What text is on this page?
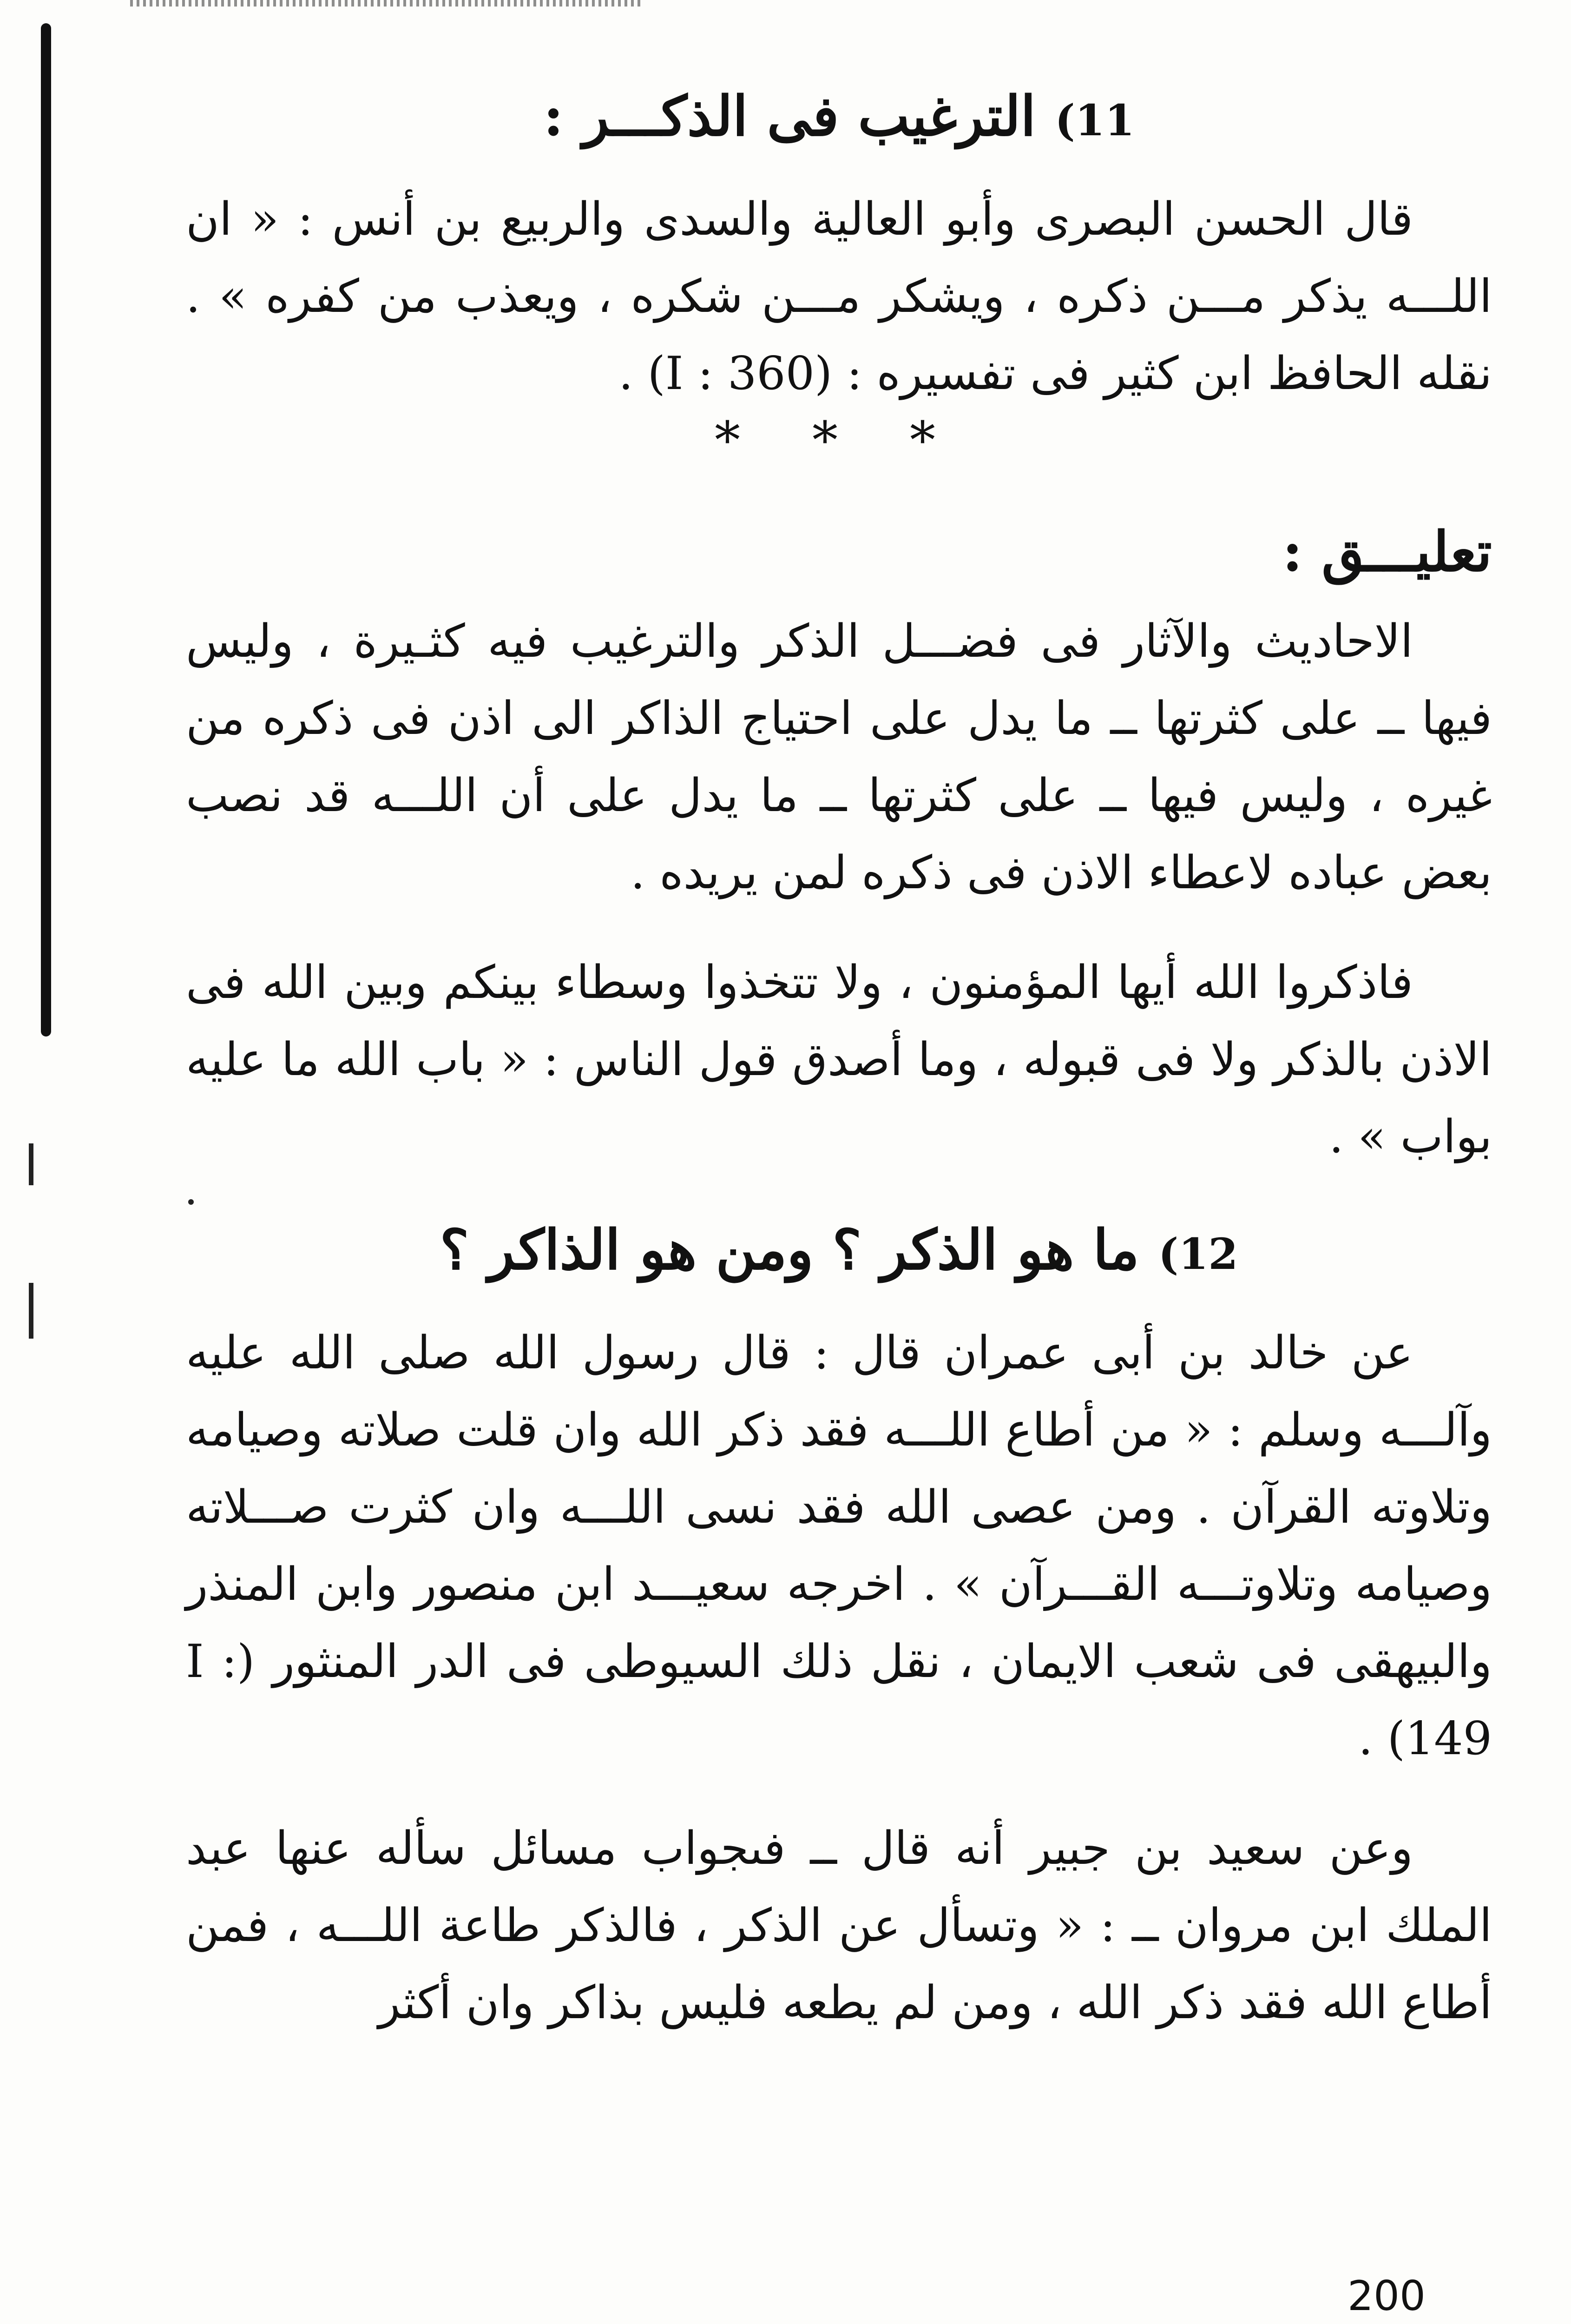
11) الترغيب فى الذكـــر :

قال الحسن البصرى وأبو العالية والسدى والربيع بن أنس : « ان اللـــه يذكر مـــن ذكره ، ويشكر مـــن شكره ، ويعذب من كفره » . نقله الحافظ ابن كثير فى تفسيره : (I : 360) .

* * *
تعليـــق :

الاحاديث والآثار فى فضـــل الذكر والترغيب فيه كثـيرة ، وليس فيها ــ على كثرتها ــ ما يدل على احتياج الذاكر الى اذن فى ذكره من غيره ، وليس فيها ــ على كثرتها ــ ما يدل على أن اللـــه قد نصب بعض عباده لاعطاء الاذن فى ذكره لمن يريده .

فاذكروا الله أيها المؤمنون ، ولا تتخذوا وسطاء بينكم وبين الله فى الاذن بالذكر ولا فى قبوله ، وما أصدق قول الناس : « باب الله ما عليه بواب » .

12) ما هو الذكر ؟ ومن هو الذاكر ؟

عن خالد بن أبى عمران قال : قال رسول الله صلى الله عليه وآلـــه وسلم : « من أطاع اللـــه فقد ذكر الله وان قلت صلاته وصيامه وتلاوته القرآن . ومن عصى الله فقد نسى اللـــه وان كثرت صـــلاته وصيامه وتلاوتـــه القـــرآن » . اخرجه سعيـــد ابن منصور وابن المنذر والبيهقى فى شعب الايمان ، نقل ذلك السيوطى فى الدر المنثور (I : 149) .

وعن سعيد بن جبير أنه قال ــ فىجواب مسائل سأله عنها عبد الملك ابن مروان ــ : « وتسأل عن الذكر ، فالذكر طاعة اللـــه ، فمن أطاع الله فقد ذكر الله ، ومن لم يطعه فليس بذاكر وان أكثر

200
